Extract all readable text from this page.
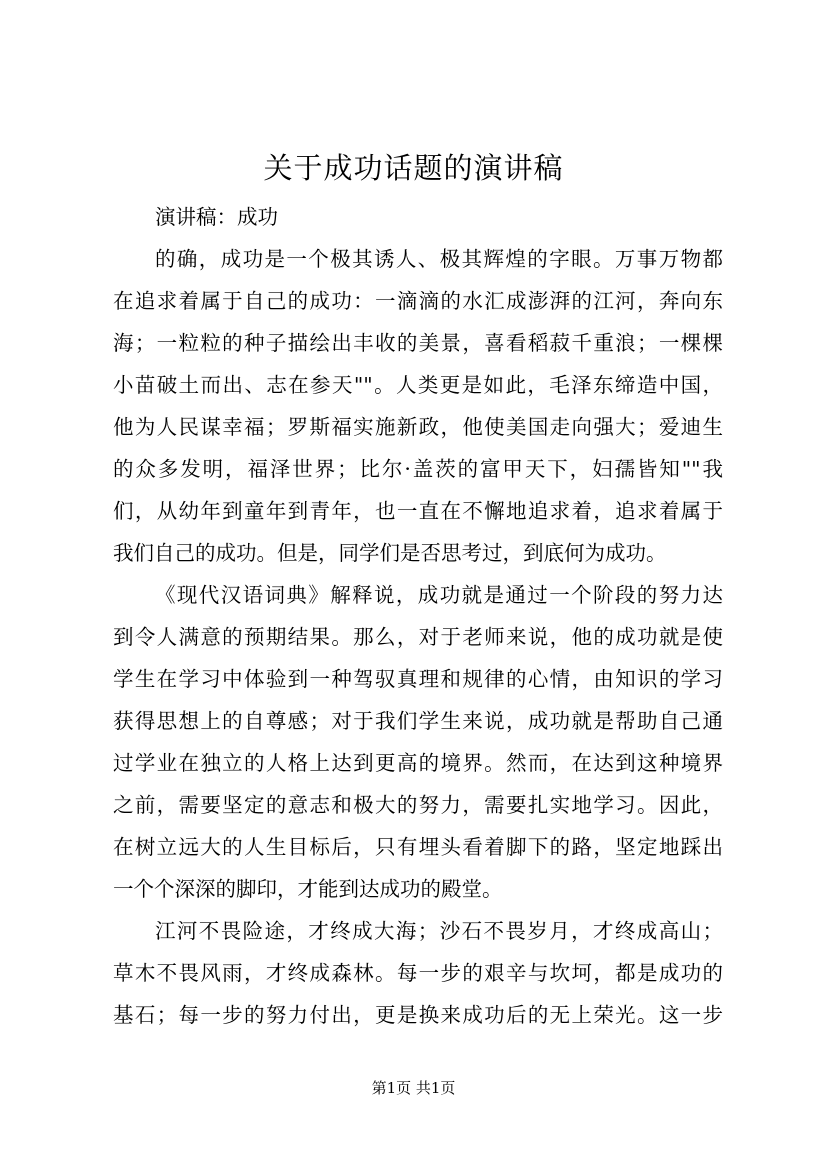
关于成功话题的演讲稿
演讲稿：成功
的确，成功是一个极其诱人、极其辉煌的字眼。万事万物都
在追求着属于自己的成功：一滴滴的水汇成澎湃的江河，奔向东
海；一粒粒的种子描绘出丰收的美景，喜看稻菽千重浪；一棵棵
小苗破土而出、志在参天""。人类更是如此，毛泽东缔造中国，
他为人民谋幸福；罗斯福实施新政，他使美国走向强大；爱迪生
的众多发明，福泽世界；比尔·盖茨的富甲天下，妇孺皆知""我
们，从幼年到童年到青年，也一直在不懈地追求着，追求着属于
我们自己的成功。但是，同学们是否思考过，到底何为成功。
《现代汉语词典》解释说，成功就是通过一个阶段的努力达
到令人满意的预期结果。那么，对于老师来说，他的成功就是使
学生在学习中体验到一种驾驭真理和规律的心情，由知识的学习
获得思想上的自尊感；对于我们学生来说，成功就是帮助自己通
过学业在独立的人格上达到更高的境界。然而，在达到这种境界
之前，需要坚定的意志和极大的努力，需要扎实地学习。因此，
在树立远大的人生目标后，只有埋头看着脚下的路，坚定地踩出
一个个深深的脚印，才能到达成功的殿堂。
江河不畏险途，才终成大海；沙石不畏岁月，才终成高山；
草木不畏风雨，才终成森林。每一步的艰辛与坎坷，都是成功的
基石；每一步的努力付出，更是换来成功后的无上荣光。这一步
第1页 共1页
